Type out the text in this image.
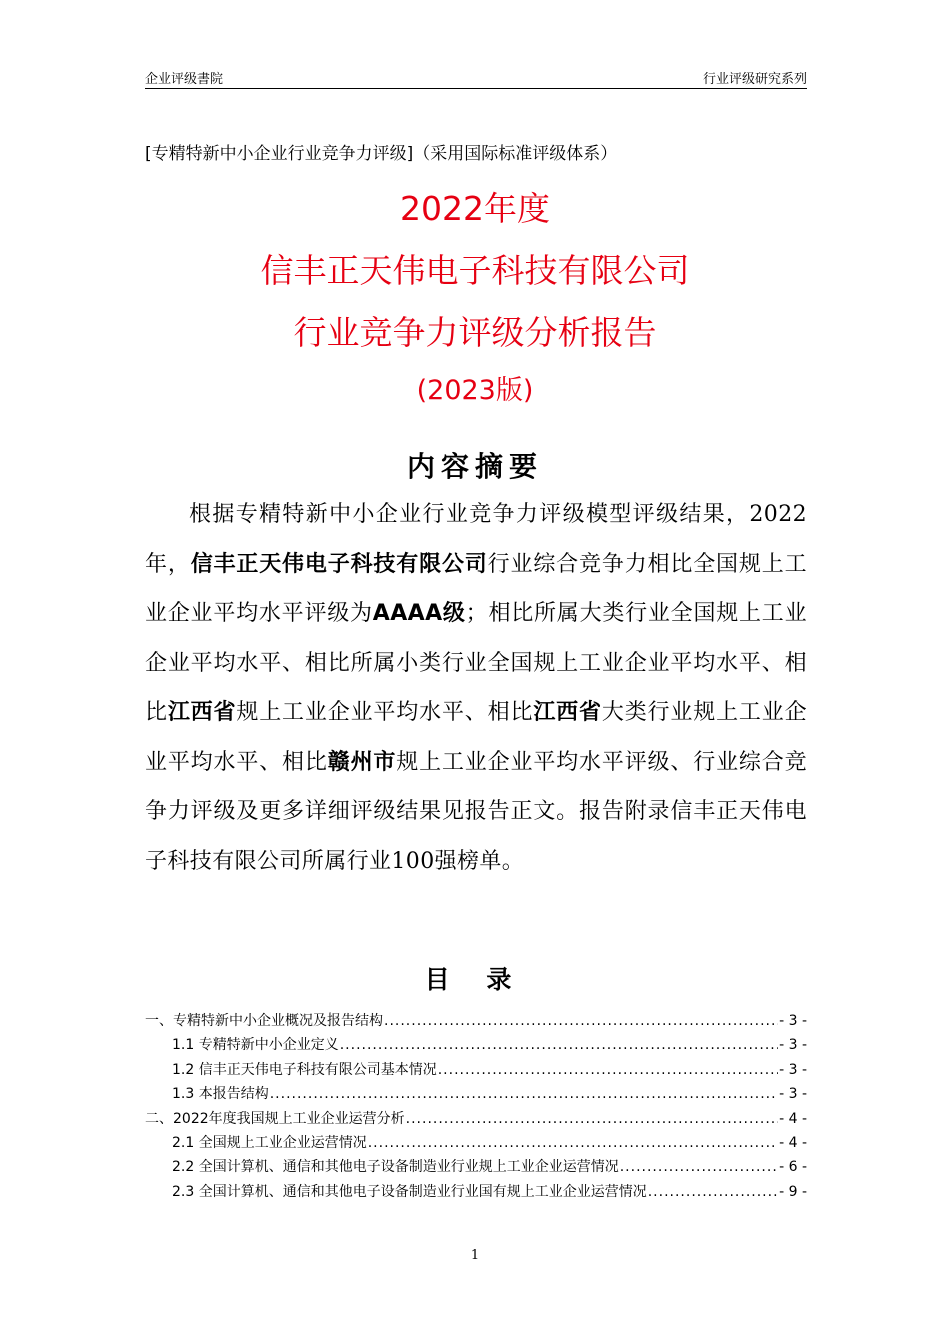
企业评级書院	行业评级研究系列
[专精特新中小企业行业竞争力评级]（采用国际标准评级体系）
2022年度
信丰正天伟电子科技有限公司
行业竞争力评级分析报告
(2023版)
内容摘要

根据专精特新中小企业行业竞争力评级模型评级结果，2022年，信丰正天伟电子科技有限公司行业综合竞争力相比全国规上工业企业平均水平评级为AAAA级；相比所属大类行业全国规上工业企业平均水平、相比所属小类行业全国规上工业企业平均水平、相比江西省规上工业企业平均水平、相比江西省大类行业规上工业企业平均水平、相比赣州市规上工业企业平均水平评级、行业综合竞争力评级及更多详细评级结果见报告正文。报告附录信丰正天伟电子科技有限公司所属行业100强榜单。

目 录
一、专精特新中小企业概况及报告结构 .....	- 3 -
1.1 专精特新中小企业定义 .....	- 3 -
1.2 信丰正天伟电子科技有限公司基本情况 .....	- 3 -
1.3 本报告结构 .....	- 3 -
二、2022年度我国规上工业企业运营分析 .....	- 4 -
2.1 全国规上工业企业运营情况 .....	- 4 -
2.2 全国计算机、通信和其他电子设备制造业行业规上工业企业运营情况 .....	- 6 -
2.3 全国计算机、通信和其他电子设备制造业行业国有规上工业企业运营情况 .....	- 9 -
1
